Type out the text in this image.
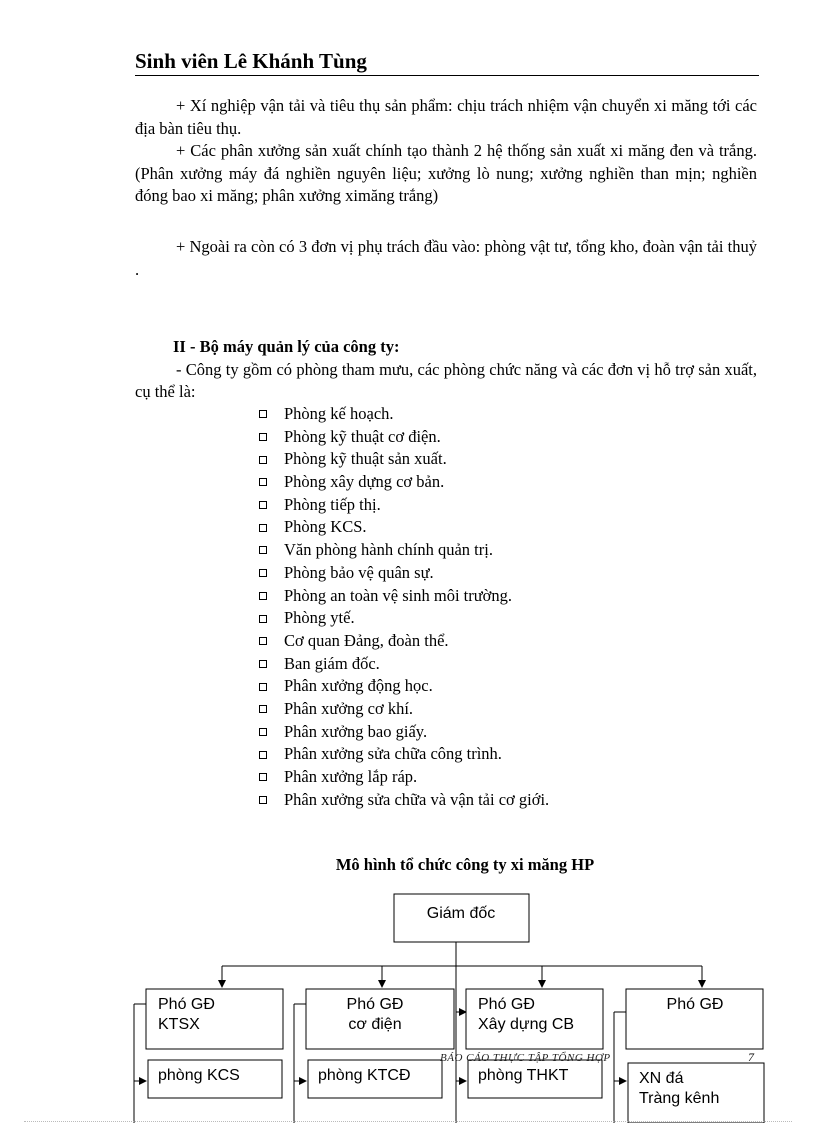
Sinh viên Lê Khánh Tùng
+ Xí nghiệp vận tải và tiêu thụ sản phẩm: chịu trách nhiệm vận chuyển xi măng tới các địa bàn tiêu thụ.
+ Các phân xưởng sản xuất chính tạo thành 2 hệ thống sản xuất xi măng đen và trắng. (Phân xưởng máy đá nghiền nguyên liệu; xưởng lò nung; xưởng nghiền than mịn; nghiền đóng bao xi măng; phân xưởng ximăng trắng)
+ Ngoài ra còn có 3 đơn vị phụ trách đầu vào: phòng vật tư, tổng kho, đoàn vận tải thuỷ .
II - Bộ máy quản lý của công ty:
- Công ty gồm có phòng tham mưu, các phòng chức năng và các đơn vị hỗ trợ sản xuất, cụ thể là:
Phòng kế hoạch.
Phòng kỹ thuật cơ điện.
Phòng kỹ thuật sản xuất.
Phòng xây dựng cơ bản.
Phòng tiếp thị.
Phòng KCS.
Văn phòng hành chính quản trị.
Phòng bảo vệ quân sự.
Phòng an toàn vệ sinh môi trường.
Phòng ytế.
Cơ quan Đảng, đoàn thể.
Ban giám đốc.
Phân xưởng động học.
Phân xưởng cơ khí.
Phân xưởng bao giấy.
Phân xưởng sửa chữa công trình.
Phân xưởng lắp ráp.
Phân xưởng sửa chữa và vận tải cơ giới.
Mô hình tổ chức công ty xi măng HP
Giám đốc
Phó GĐ
KTSX
Phó GĐ
cơ điện
Phó GĐ
Xây dựng CB
Phó GĐ
phòng KCS	phòng KTCĐ	phòng THKT	XN đá
Tràng kênh
BÁO CÁO THỰC TẬP TỔNG HỢP	7
